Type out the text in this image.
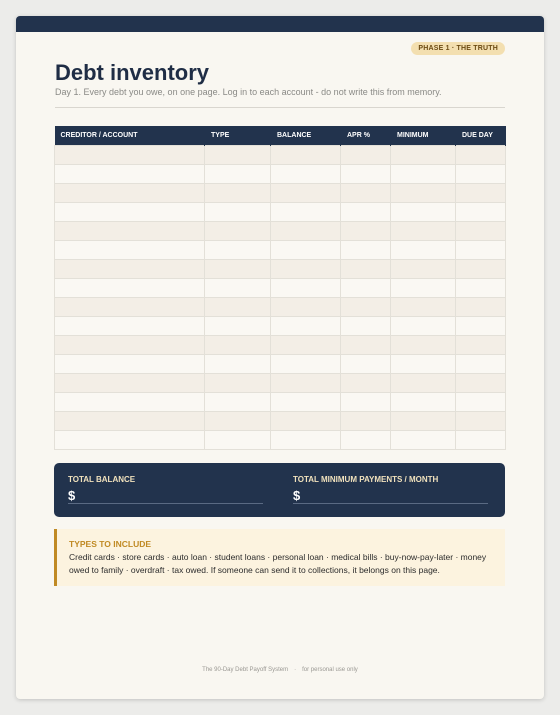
PHASE 1 · THE TRUTH
Debt inventory

Day 1. Every debt you owe, on one page. Log in to each account - do not write this from memory.

CREDITOR / ACCOUNT	TYPE	BALANCE	APR %	MINIMUM	DUE DAY

TOTAL BALANCE
$
TOTAL MINIMUM PAYMENTS / MONTH
$

TYPES TO INCLUDE

Credit cards · store cards · auto loan · student loans · personal loan · medical bills · buy-now-pay-later · money owed to family · overdraft · tax owed. If someone can send it to collections, it belongs on this page.

The 90-Day Debt Payoff System · for personal use only
